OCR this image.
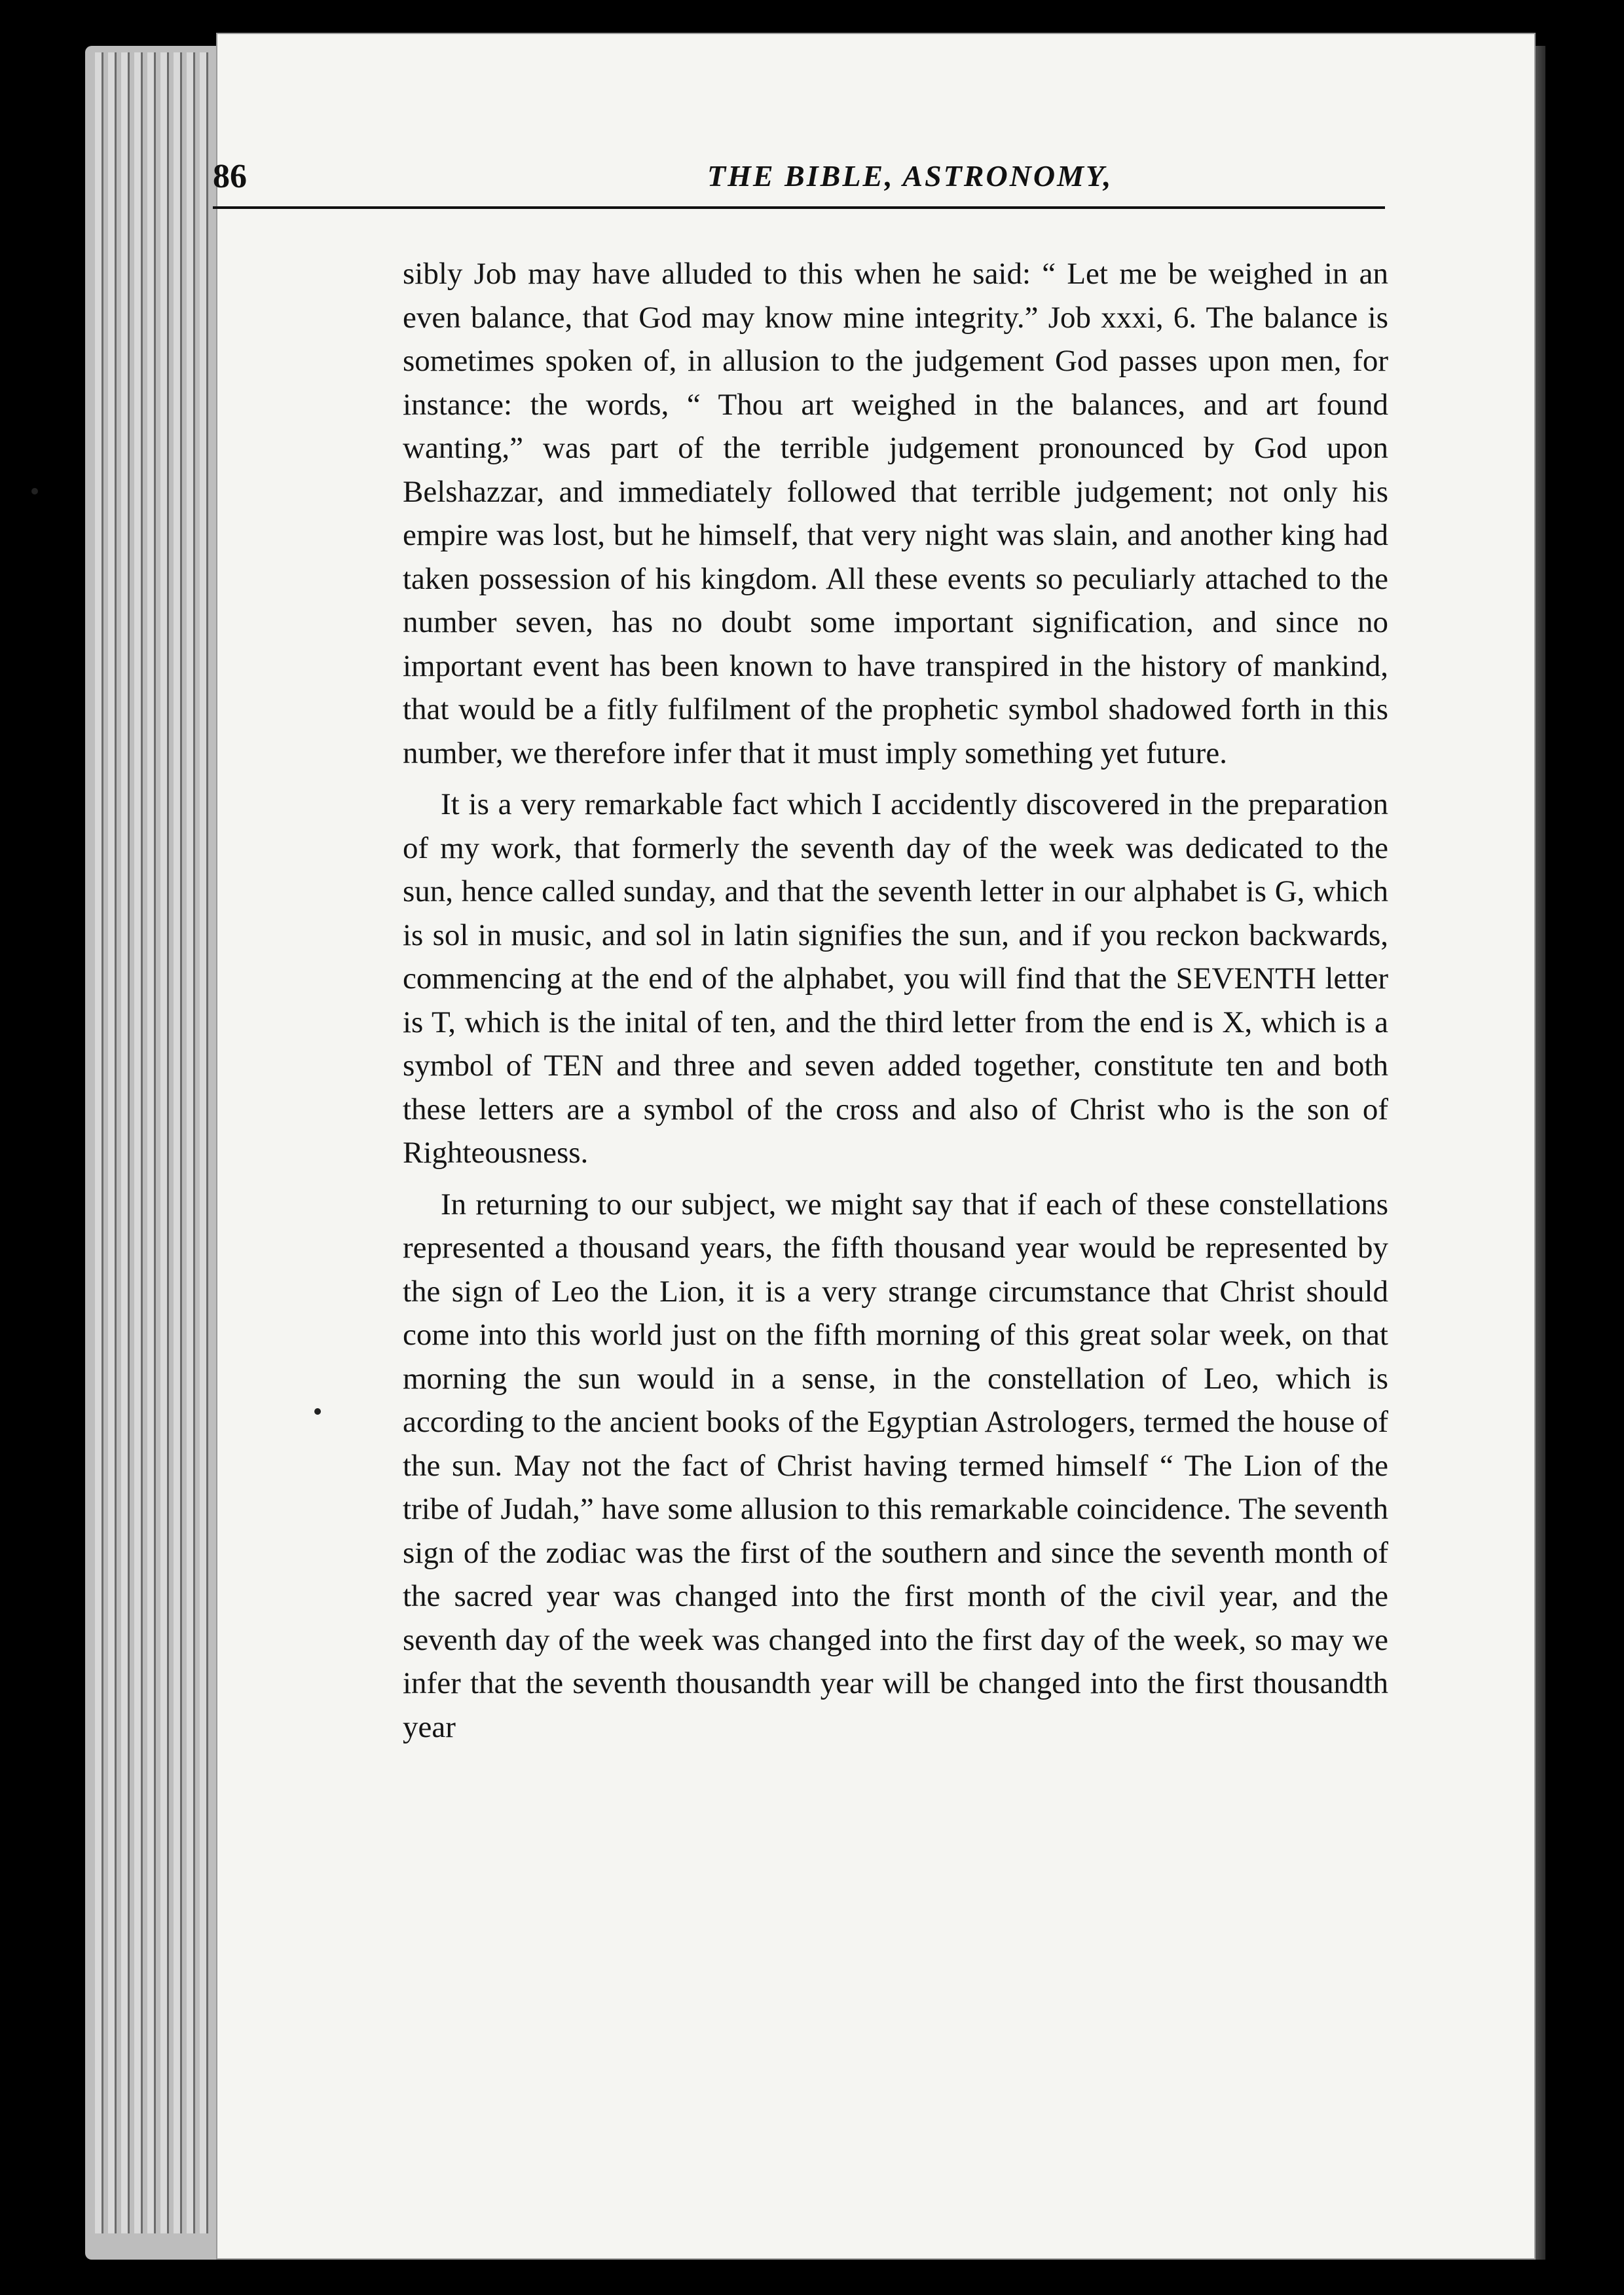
86	THE BIBLE, ASTRONOMY,

sibly Job may have alluded to this when he said: “ Let me be weighed in an even balance, that God may know mine integrity.” Job xxxi, 6. The balance is sometimes spoken of, in allusion to the judgement God passes upon men, for instance: the words, “ Thou art weighed in the balances, and art found wanting,” was part of the terrible judgement pronounced by God upon Belshazzar, and immediately followed that terrible judgement; not only his empire was lost, but he himself, that very night was slain, and another king had taken possession of his kingdom. All these events so peculiarly attached to the number seven, has no doubt some important signification, and since no important event has been known to have transpired in the history of mankind, that would be a fitly fulfilment of the prophetic symbol shadowed forth in this number, we therefore infer that it must imply something yet future.

It is a very remarkable fact which I accidently discovered in the preparation of my work, that formerly the seventh day of the week was dedicated to the sun, hence called sunday, and that the seventh letter in our alphabet is G, which is sol in music, and sol in latin signifies the sun, and if you reckon backwards, commencing at the end of the alphabet, you will find that the SEVENTH letter is T, which is the inital of ten, and the third letter from the end is X, which is a symbol of TEN and three and seven added together, constitute ten and both these letters are a symbol of the cross and also of Christ who is the son of Righteousness.

In returning to our subject, we might say that if each of these constellations represented a thousand years, the fifth thousand year would be represented by the sign of Leo the Lion, it is a very strange circumstance that Christ should come into this world just on the fifth morning of this great solar week, on that morning the sun would in a sense, in the constellation of Leo, which is according to the ancient books of the Egyptian Astrologers, termed the house of the sun. May not the fact of Christ having termed himself “ The Lion of the tribe of Judah,” have some allusion to this remarkable coincidence. The seventh sign of the zodiac was the first of the southern and since the seventh month of the sacred year was changed into the first month of the civil year, and the seventh day of the week was changed into the first day of the week, so may we infer that the seventh thousandth year will be changed into the first thousandth year
